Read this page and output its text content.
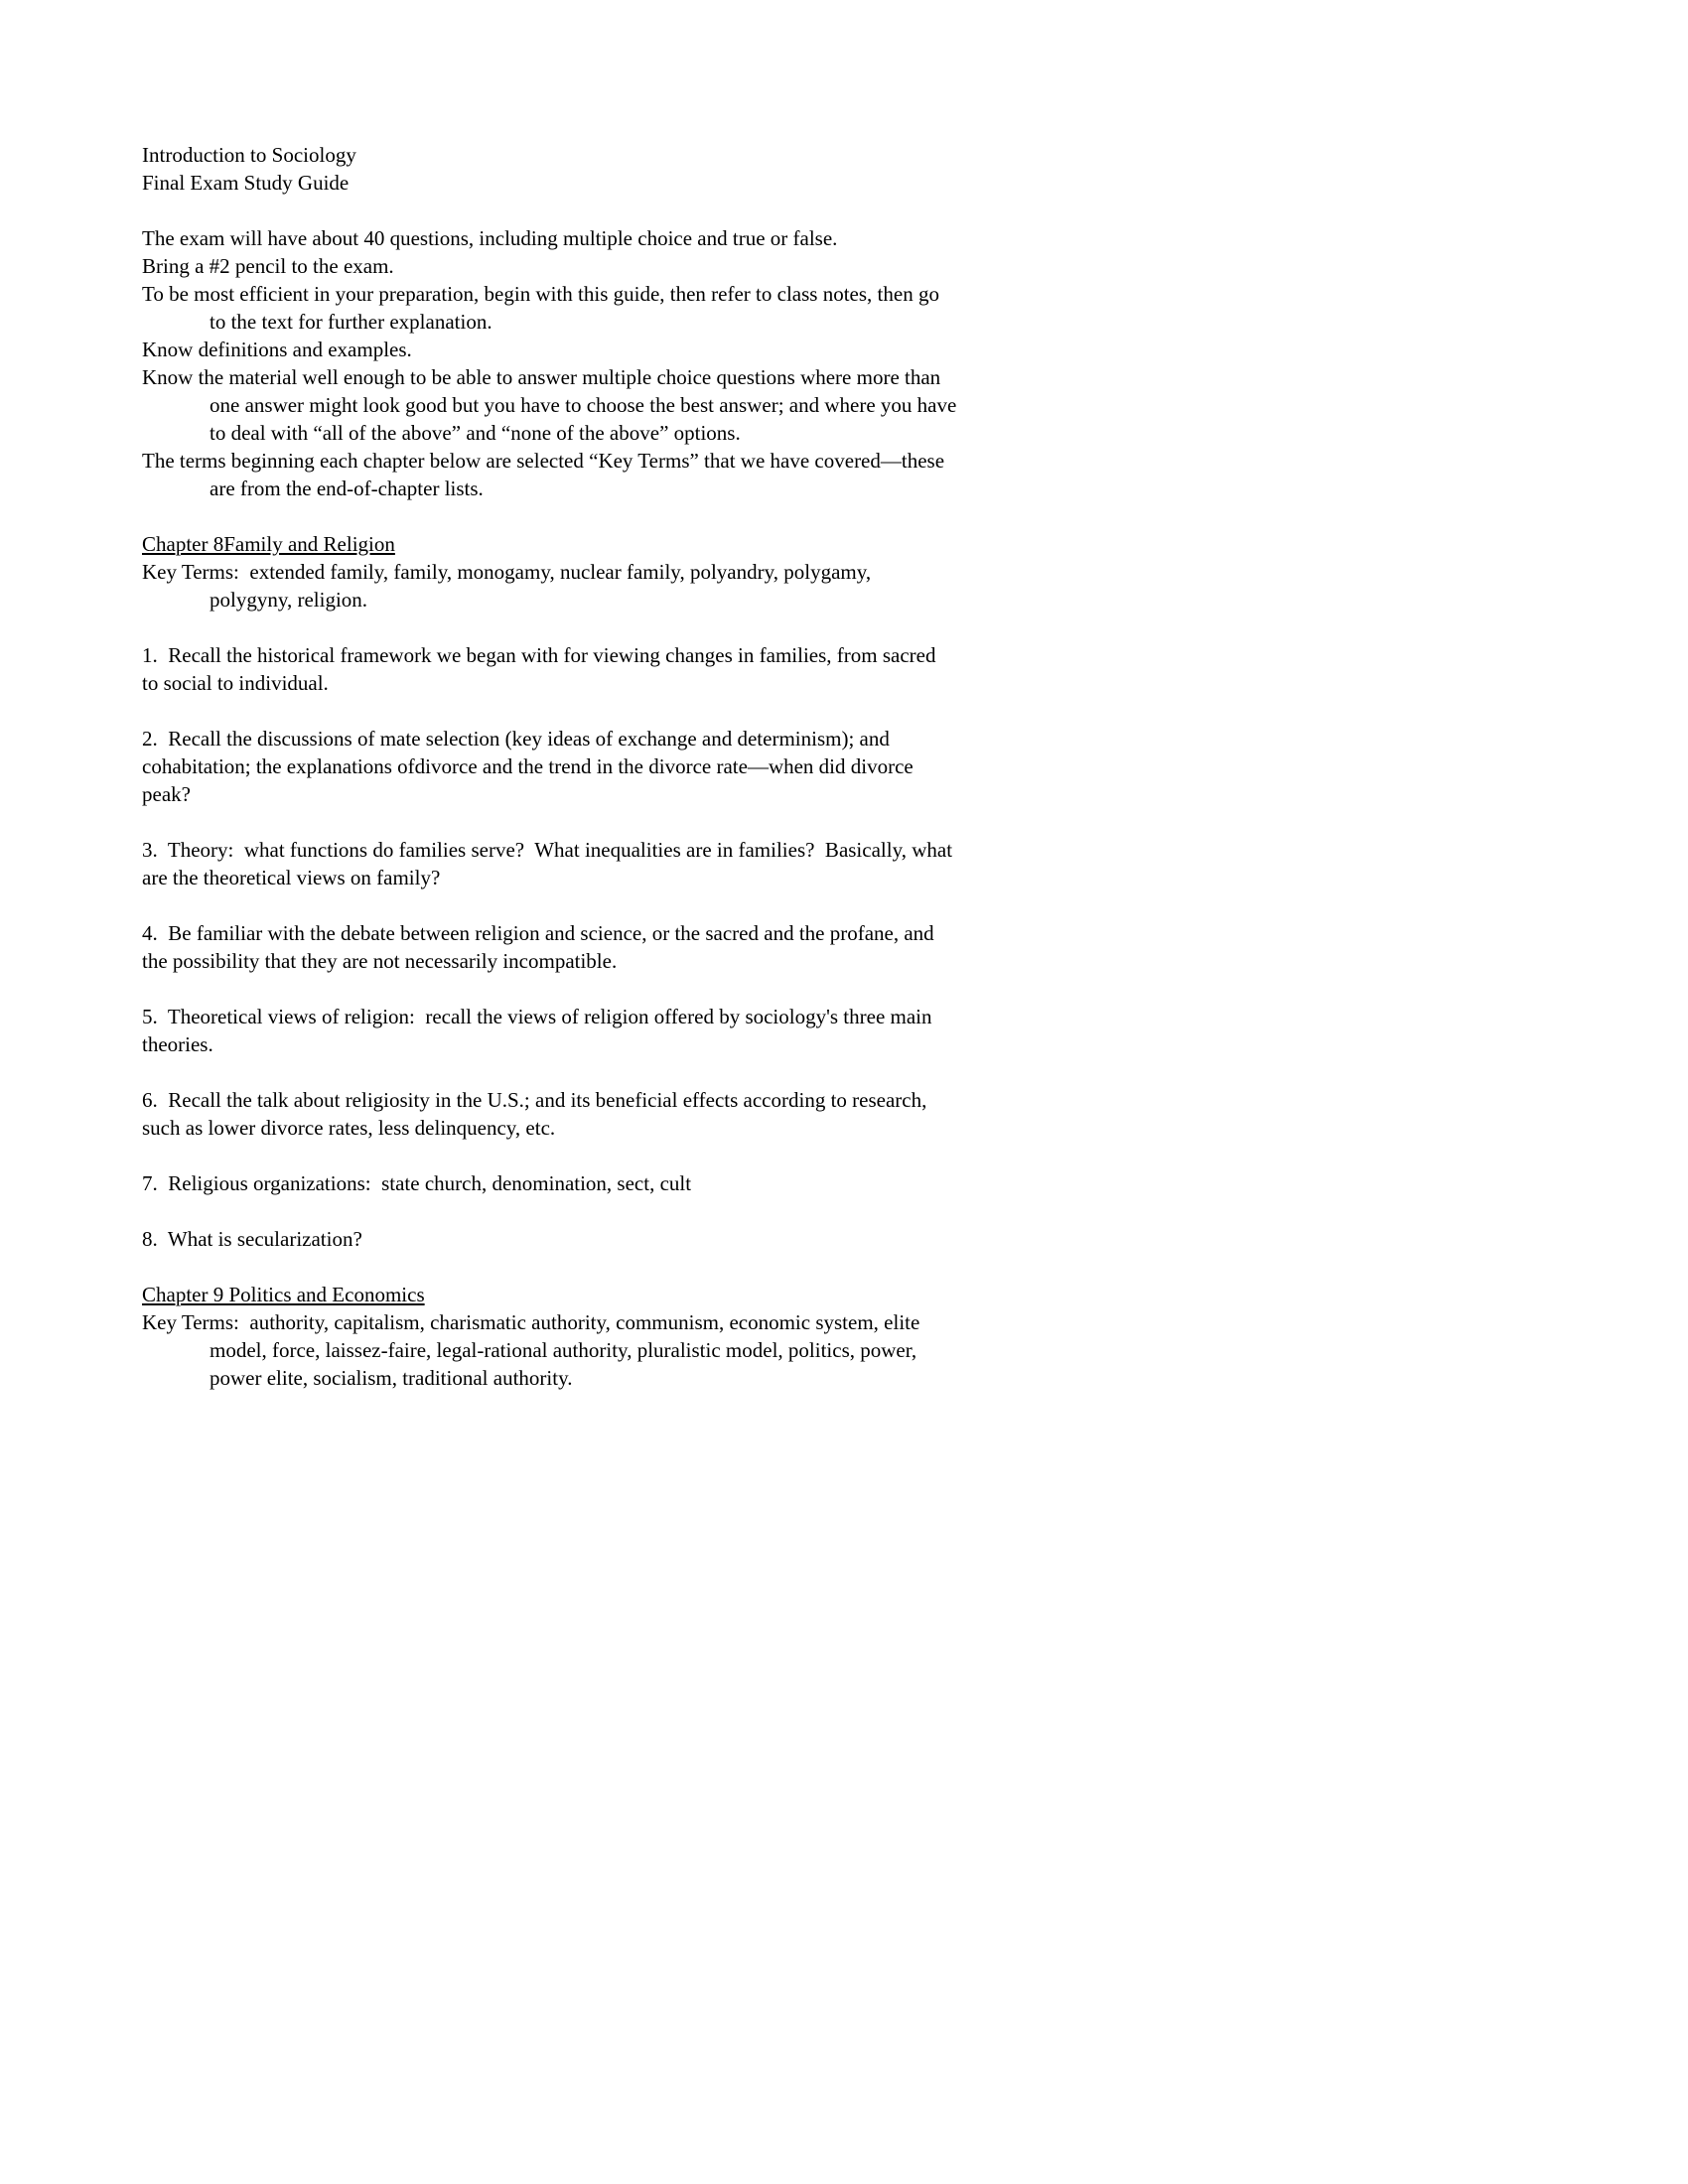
Introduction to Sociology
Final Exam Study Guide

The exam will have about 40 questions, including multiple choice and true or false.
Bring a #2 pencil to the exam.
To be most efficient in your preparation, begin with this guide, then refer to class notes, then go
to the text for further explanation.
Know definitions and examples.
Know the material well enough to be able to answer multiple choice questions where more than
one answer might look good but you have to choose the best answer; and where you have
to deal with “all of the above” and “none of the above” options.
The terms beginning each chapter below are selected “Key Terms” that we have covered—these
are from the end-of-chapter lists.

Chapter 8Family and Religion
Key Terms:  extended family, family, monogamy, nuclear family, polyandry, polygamy,
polygyny, religion.

1.  Recall the historical framework we began with for viewing changes in families, from sacred
to social to individual.

2.  Recall the discussions of mate selection (key ideas of exchange and determinism); and
cohabitation; the explanations ofdivorce and the trend in the divorce rate—when did divorce
peak?

3.  Theory:  what functions do families serve?  What inequalities are in families?  Basically, what
are the theoretical views on family?

4.  Be familiar with the debate between religion and science, or the sacred and the profane, and
the possibility that they are not necessarily incompatible.

5.  Theoretical views of religion:  recall the views of religion offered by sociology's three main
theories.

6.  Recall the talk about religiosity in the U.S.; and its beneficial effects according to research,
such as lower divorce rates, less delinquency, etc.

7.  Religious organizations:  state church, denomination, sect, cult

8.  What is secularization?

Chapter 9 Politics and Economics
Key Terms:  authority, capitalism, charismatic authority, communism, economic system, elite
model, force, laissez-faire, legal-rational authority, pluralistic model, politics, power,
power elite, socialism, traditional authority.
